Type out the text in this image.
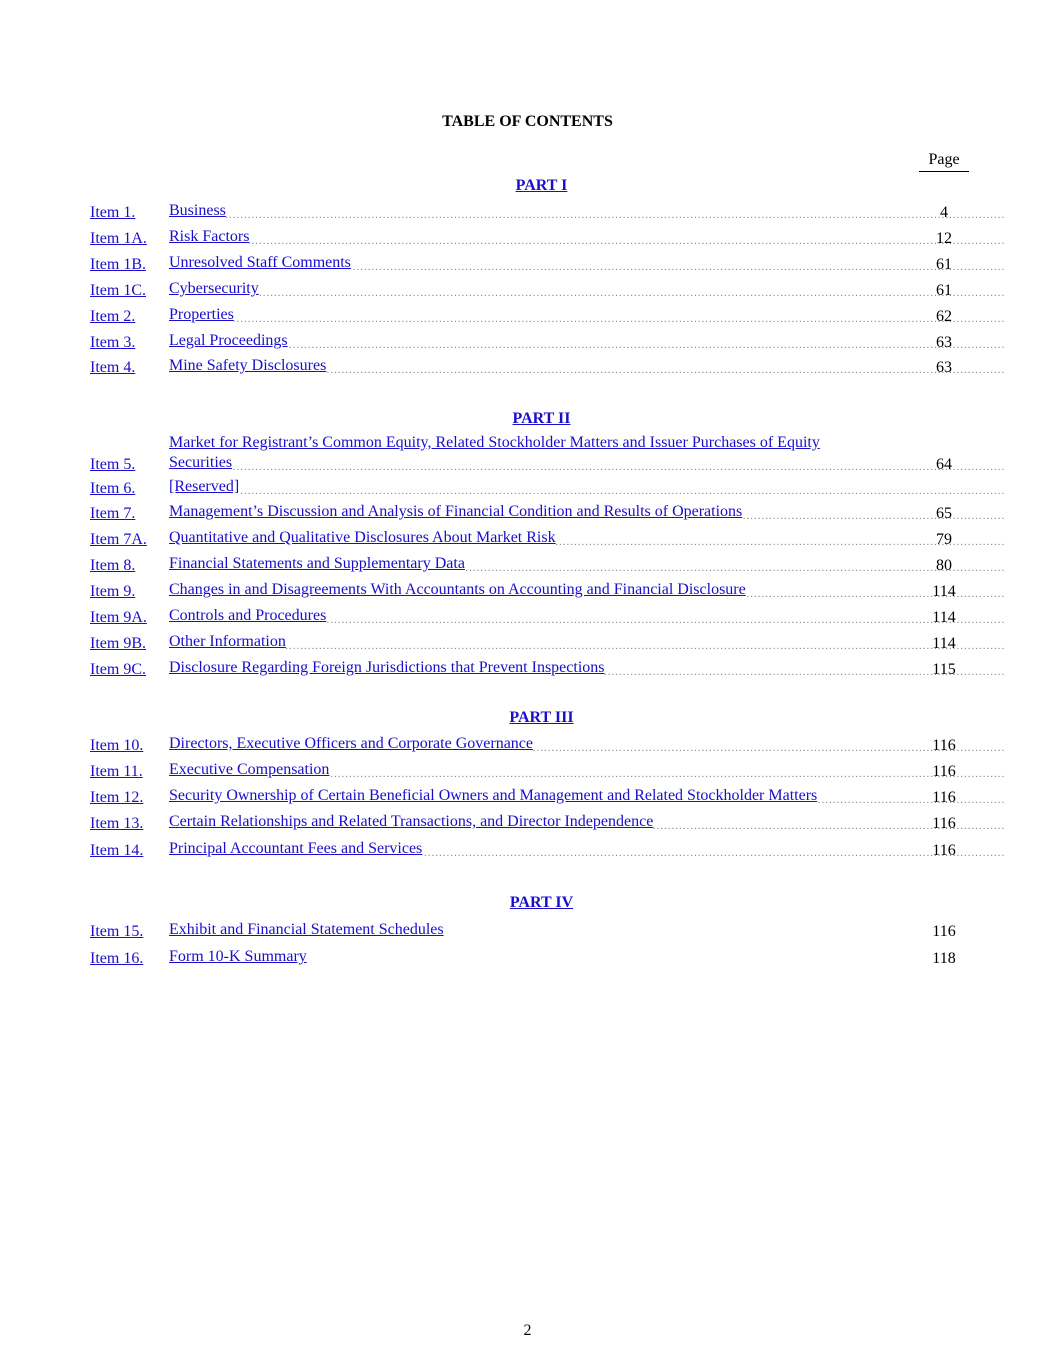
TABLE OF CONTENTS
Page
PART I
Item 1. Business .....	4
Item 1A. Risk Factors .....	12
Item 1B. Unresolved Staff Comments .....	61
Item 1C. Cybersecurity .....	61
Item 2. Properties .....	62
Item 3. Legal Proceedings .....	63
Item 4. Mine Safety Disclosures .....	63
PART II
Item 5.
Market for Registrant’s Common Equity, Related Stockholder Matters and Issuer Purchases of Equity
Securities .....	64
Item 6. [Reserved] .....
Item 7. Management’s Discussion and Analysis of Financial Condition and Results of Operations .....	65
Item 7A. Quantitative and Qualitative Disclosures About Market Risk .....	79
Item 8. Financial Statements and Supplementary Data .....	80
Item 9. Changes in and Disagreements With Accountants on Accounting and Financial Disclosure .....	114
Item 9A. Controls and Procedures .....	114
Item 9B. Other Information .....	114
Item 9C. Disclosure Regarding Foreign Jurisdictions that Prevent Inspections .....	115
PART III
Item 10. Directors, Executive Officers and Corporate Governance .....	116
Item 11. Executive Compensation .....	116
Item 12. Security Ownership of Certain Beneficial Owners and Management and Related Stockholder Matters .....	116
Item 13. Certain Relationships and Related Transactions, and Director Independence .....	116
Item 14. Principal Accountant Fees and Services .....	116
PART IV
Item 15. Exhibit and Financial Statement Schedules	116
Item 16. Form 10-K Summary	118
2
